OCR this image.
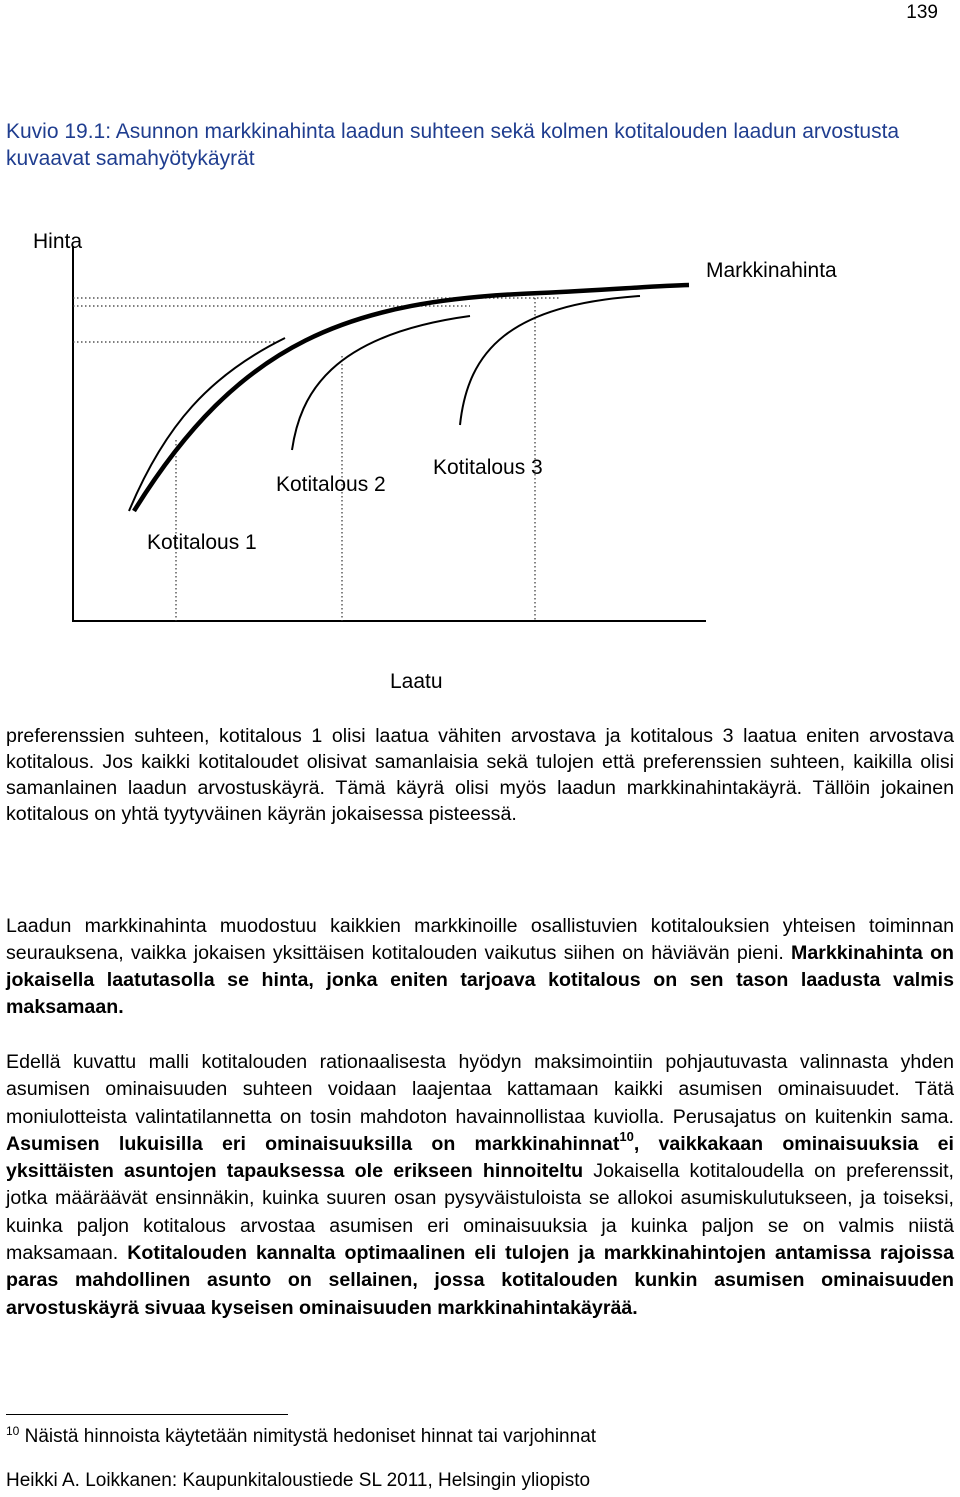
139
Kuvio 19.1: Asunnon markkinahinta laadun suhteen sekä kolmen kotitalouden laadun arvostusta kuvaavat samahyötykäyrät
Hinta
Markkinahinta
Kotitalous 2
Kotitalous 3
Kotitalous 1
Laatu
preferenssien suhteen, kotitalous 1 olisi laatua vähiten arvostava ja kotitalous 3 laatua eniten arvostava kotitalous. Jos kaikki kotitaloudet olisivat samanlaisia sekä tulojen että preferenssien suhteen, kaikilla olisi samanlainen laadun arvostuskäyrä. Tämä käyrä olisi myös laadun markkinahintakäyrä. Tällöin jokainen kotitalous on yhtä tyytyväinen käyrän jokaisessa pisteessä.
Laadun markkinahinta muodostuu kaikkien markkinoille osallistuvien kotitalouksien yhteisen toiminnan seurauksena, vaikka jokaisen yksittäisen kotitalouden vaikutus siihen on häviävän pieni. Markkinahinta on jokaisella laatutasolla se hinta, jonka eniten tarjoava kotitalous on sen tason laadusta valmis maksamaan.
Edellä kuvattu malli kotitalouden rationaalisesta hyödyn maksimointiin pohjautuvasta valinnasta yhden asumisen ominaisuuden suhteen voidaan laajentaa kattamaan kaikki asumisen ominaisuudet. Tätä moniulotteista valintatilannetta on tosin mahdoton havainnollistaa kuviolla. Perusajatus on kuitenkin sama. Asumisen lukuisilla eri ominaisuuksilla on markkinahinnat$^{10}$, vaikkakaan ominaisuuksia ei yksittäisten asuntojen tapauksessa ole erikseen hinnoiteltu Jokaisella kotitaloudella on preferenssit, jotka määräävät ensinnäkin, kuinka suuren osan pysyväistuloista se allokoi asumiskulutukseen, ja toiseksi, kuinka paljon kotitalous arvostaa asumisen eri ominaisuuksia ja kuinka paljon se on valmis niistä maksamaan. Kotitalouden kannalta optimaalinen eli tulojen ja markkinahintojen antamissa rajoissa paras mahdollinen asunto on sellainen, jossa kotitalouden kunkin asumisen ominaisuuden arvostuskäyrä sivuaa kyseisen ominaisuuden markkinahintakäyrää.
$^{10}$ Näistä hinnoista käytetään nimitystä hedoniset hinnat tai varjohinnat
Heikki A. Loikkanen: Kaupunkitaloustiede SL 2011, Helsingin yliopisto
